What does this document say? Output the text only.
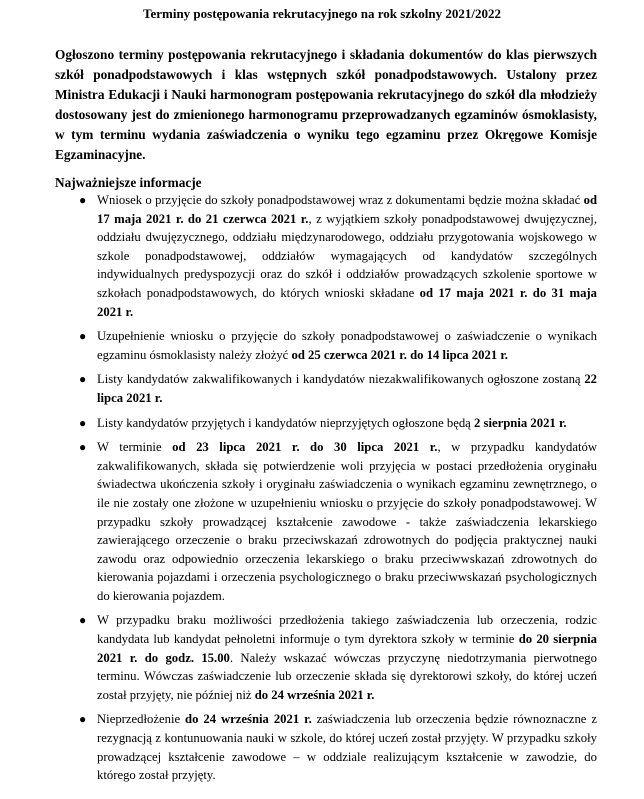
Terminy postępowania rekrutacyjnego na rok szkolny 2021/2022

Ogłoszono terminy postępowania rekrutacyjnego i składania dokumentów do klas pierwszych szkół ponadpodstawowych i klas wstępnych szkół ponadpodstawowych. Ustalony przez Ministra Edukacji i Nauki harmonogram postępowania rekrutacyjnego do szkół dla młodzieży dostosowany jest do zmienionego harmonogramu przeprowadzanych egzaminów ósmoklasisty, w tym terminu wydania zaświadczenia o wyniku tego egzaminu przez Okręgowe Komisje Egzaminacyjne.

Najważniejsze informacje
● Wniosek o przyjęcie do szkoły ponadpodstawowej wraz z dokumentami będzie można składać od 17 maja 2021 r. do 21 czerwca 2021 r., z wyjątkiem szkoły ponadpodstawowej dwujęzycznej, oddziału dwujęzycznego, oddziału międzynarodowego, oddziału przygotowania wojskowego w szkole ponadpodstawowej, oddziałów wymagających od kandydatów szczególnych indywidualnych predyspozycji oraz do szkół i oddziałów prowadzących szkolenie sportowe w szkołach ponadpodstawowych, do których wnioski składane od 17 maja 2021 r. do 31 maja 2021 r.
● Uzupełnienie wniosku o przyjęcie do szkoły ponadpodstawowej o zaświadczenie o wynikach egzaminu ósmoklasisty należy złożyć od 25 czerwca 2021 r. do 14 lipca 2021 r.
● Listy kandydatów zakwalifikowanych i kandydatów niezakwalifikowanych ogłoszone zostaną 22 lipca 2021 r.
● Listy kandydatów przyjętych i kandydatów nieprzyjętych ogłoszone będą 2 sierpnia 2021 r.
● W terminie od 23 lipca 2021 r. do 30 lipca 2021 r., w przypadku kandydatów zakwalifikowanych, składa się potwierdzenie woli przyjęcia w postaci przedłożenia oryginału świadectwa ukończenia szkoły i oryginału zaświadczenia o wynikach egzaminu zewnętrznego, o ile nie zostały one złożone w uzupełnieniu wniosku o przyjęcie do szkoły ponadpodstawowej. W przypadku szkoły prowadzącej kształcenie zawodowe - także zaświadczenia lekarskiego zawierającego orzeczenie o braku przeciwskazań zdrowotnych do podjęcia praktycznej nauki zawodu oraz odpowiednio orzeczenia lekarskiego o braku przeciwwskazań zdrowotnych do kierowania pojazdami i orzeczenia psychologicznego o braku przeciwwskazań psychologicznych do kierowania pojazdem.
● W przypadku braku możliwości przedłożenia takiego zaświadczenia lub orzeczenia, rodzic kandydata lub kandydat pełnoletni informuje o tym dyrektora szkoły w terminie do 20 sierpnia 2021 r. do godz. 15.00. Należy wskazać wówczas przyczynę niedotrzymania pierwotnego terminu. Wówczas zaświadczenie lub orzeczenie składa się dyrektorowi szkoły, do której uczeń został przyjęty, nie później niż do 24 września 2021 r.
● Nieprzedłożenie do 24 września 2021 r. zaświadczenia lub orzeczenia będzie równoznaczne z rezygnacją z kontunuowania nauki w szkole, do której uczeń został przyjęty. W przypadku szkoły prowadzącej kształcenie zawodowe – w oddziale realizującym kształcenie w zawodzie, do którego został przyjęty.
